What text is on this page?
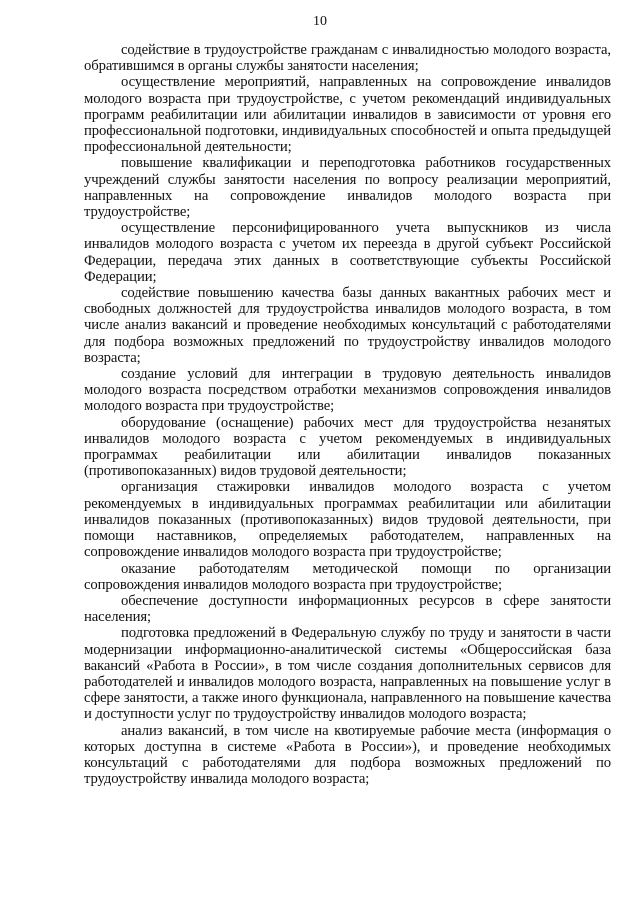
10

содействие в трудоустройстве гражданам с инвалидностью молодого возраста, обратившимся в органы службы занятости населения;

осуществление мероприятий, направленных на сопровождение инвалидов молодого возраста при трудоустройстве, с учетом рекомендаций индивидуальных программ реабилитации или абилитации инвалидов в зависимости от уровня его профессиональной подготовки, индивидуальных способностей и опыта предыдущей профессиональной деятельности;

повышение квалификации и переподготовка работников государственных учреждений службы занятости населения по вопросу реализации мероприятий, направленных на сопровождение инвалидов молодого возраста при трудоустройстве;

осуществление персонифицированного учета выпускников из числа инвалидов молодого возраста с учетом их переезда в другой субъект Российской Федерации, передача этих данных в соответствующие субъекты Российской Федерации;

содействие повышению качества базы данных вакантных рабочих мест и свободных должностей для трудоустройства инвалидов молодого возраста, в том числе анализ вакансий и проведение необходимых консультаций с работодателями для подбора возможных предложений по трудоустройству инвалидов молодого возраста;

создание условий для интеграции в трудовую деятельность инвалидов молодого возраста посредством отработки механизмов сопровождения инвалидов молодого возраста при трудоустройстве;

оборудование (оснащение) рабочих мест для трудоустройства незанятых инвалидов молодого возраста с учетом рекомендуемых в индивидуальных программах реабилитации или абилитации инвалидов показанных (противопоказанных) видов трудовой деятельности;

организация стажировки инвалидов молодого возраста с учетом рекомендуемых в индивидуальных программах реабилитации или абилитации инвалидов показанных (противопоказанных) видов трудовой деятельности, при помощи наставников, определяемых работодателем, направленных на сопровождение инвалидов молодого возраста при трудоустройстве;

оказание работодателям методической помощи по организации сопровождения инвалидов молодого возраста при трудоустройстве;

обеспечение доступности информационных ресурсов в сфере занятости населения;

подготовка предложений в Федеральную службу по труду и занятости в части модернизации информационно-аналитической системы «Общероссийская база вакансий «Работа в России», в том числе создания дополнительных сервисов для работодателей и инвалидов молодого возраста, направленных на повышение услуг в сфере занятости, а также иного функционала, направленного на повышение качества и доступности услуг по трудоустройству инвалидов молодого возраста;

анализ вакансий, в том числе на квотируемые рабочие места (информация о которых доступна в системе «Работа в России»), и проведение необходимых консультаций с работодателями для подбора возможных предложений по трудоустройству инвалида молодого возраста;
